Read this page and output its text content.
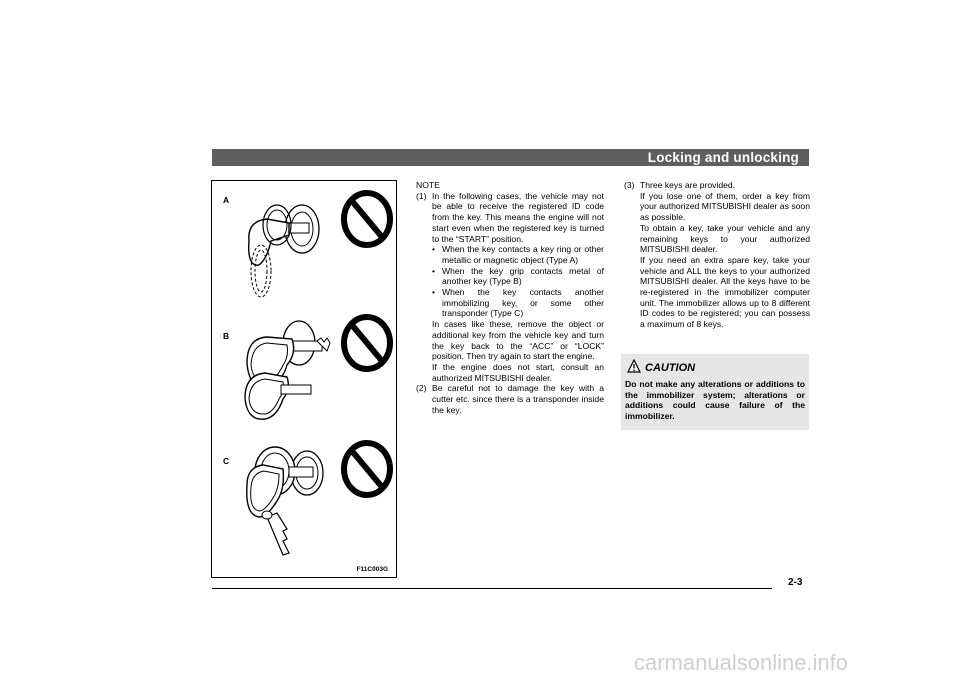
Locking and unlocking
A
B
C
F11C003G

NOTE

(1) In the following cases, the vehicle may not be able to receive the registered ID code from the key. This means the engine will not start even when the registered key is turned to the “START” position.

• When the key contacts a key ring or other metallic or magnetic object (Type A)
• When the key grip contacts metal of another key (Type B)
• When the key contacts another immobilizing key, or some other transponder (Type C)

In cases like these, remove the object or additional key from the vehicle key and turn the key back to the “ACC” or “LOCK” position. Then try again to start the engine.

If the engine does not start, consult an authorized MITSUBISHI dealer.

(2) Be careful not to damage the key with a cutter etc. since there is a transponder inside the key.

(3) Three keys are provided.

If you lose one of them, order a key from your authorized MITSUBISHI dealer as soon as possible.

To obtain a key, take your vehicle and any remaining keys to your authorized MITSUBISHI dealer.

If you need an extra spare key, take your vehicle and ALL the keys to your authorized MITSUBISHI dealer. All the keys have to be re-registered in the immobilizer computer unit. The immobilizer allows up to 8 different ID codes to be registered; you can possess a maximum of 8 keys.

CAUTION
Do not make any alterations or additions to the immobilizer system; alterations or additions could cause failure of the immobilizer.
2-3
carmanualsonline.info
